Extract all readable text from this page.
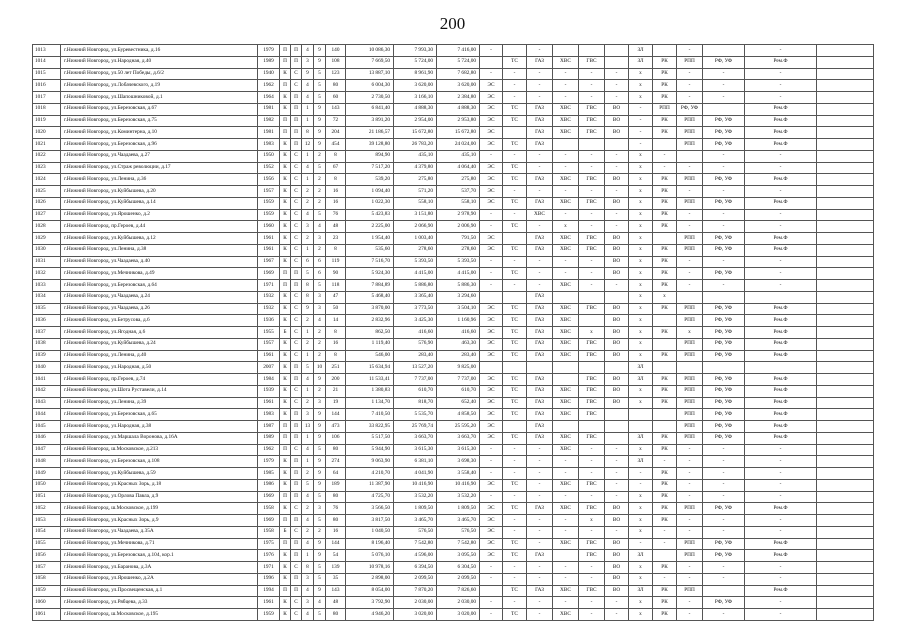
200
1013	г.Нижний Новгород, ул.Буревестника, д.16	1979	П	П	4	9	140	10 086,30	7 993,30	7 416,00	-		-				ЗЛ		-		-	
1014	г.Нижний Новгород, ул.Народная, д.40	1989	П	П	3	9	108	7 669,50	5 724,00	5 724,00		ТС	ГАЗ	ХВС	ГВС		ЗЛ	РК	РПП	РФ, УФ	Рем.Ф	
1015	г.Нижний Новгород, ул.50 лет Победы, д.6/2	1940	К	С	9	5	123	13 887,10	8 961,90	7 682,80	-	-	-	-	-	-	х	РК	-	-	-	
1016	г.Нижний Новгород, ул.Лобачевского, д.19	1962	П	С	4	5	80	6 004,30	3 620,00	3 620,00	ЭС	-	-	-	-	-	х	РК	-	-	-	
1017	г.Нижний Новгород, ул.Шапошниковой, д.1	1964	К	П	4	5	60	2 730,50	3 166,10	2 384,80	ЭС	-	-	-	-	-	х	РК	-	-	-	
1018	г.Нижний Новгород, ул.Березовская, д.67	1981	К	П	1	9	143	6 841,40	4 888,30	4 888,30	ЭС	ТС	ГАЗ	ХВС	ГВС	ВО	-	РПП	РФ, УФ		Рем.Ф	
1019	г.Нижний Новгород, ул.Березовская, д.75	1982	П	П	1	9	72	3 891,20	2 954,00	2 953,80	ЭС	ТС	ГАЗ	ХВС	ГВС	ВО	-	РК	РПП	РФ, УФ	Рем.Ф	
1020	г.Нижний Новгород, ул.Коминтерна, д.10	1981	П	П	8	9	204	21 186,57	15 672,80	15 672,80	ЭС		ГАЗ	ХВС	ГВС	ВО	-	РК	РПП	РФ, УФ	Рем.Ф	
1021	г.Нижний Новгород, ул.Березовская, д.96	1983	К	П	12	9	454	39 128,80	26 783,20	24 024,00	ЭС	ТС	ГАЗ				-		РПП	РФ, УФ	Рем.Ф	
1022	г.Нижний Новгород, ул.Чаадаева, д.27	1950	К	С	1	2	8	894,90	435,10	435,10	-	-	-	-	-	-	х	-		-	-	
1023	г.Нижний Новгород, ул.Страж революции, д.17	1952	К	С	4	5	67	7 517,20	4 379,80	4 064,40	ЭС	ТС	-	-	-	-	х	-	-	-	-	
1024	г.Нижний Новгород, ул.Ленина, д.36	1956	К	С	1	2	8	539,20	275,80	275,80	ЭС	ТС	ГАЗ	ХВС	ГВС	ВО	х	РК	РПП	РФ, УФ	Рем.Ф	
1025	г.Нижний Новгород, ул.Куйбышева, д.20	1957	К	С	2	2	16	1 094,40	571,20	537,70	ЭС	-	-	-	-	-	х	РК	-	-	-	
1026	г.Нижний Новгород, ул.Куйбышева, д.14	1959	К	С	2	2	16	1 022,30	558,10	558,10	ЭС	ТС	ГАЗ	ХВС	ГВС	ВО	х	РК	РПП	РФ, УФ	Рем.Ф	
1027	г.Нижний Новгород, ул.Ярошенко, д.2	1959	К	С	4	5	76	5 423,83	3 151,80	2 978,90	-	-	ХВС	-	-	-	х	РК	-	-	-	
1028	г.Нижний Новгород, пр.Героев, д.44	1960	К	С	3	4	48	2 225,00	2 066,90	2 006,90	-	ТС	-	х	-	-	х	РК	-	-	-	
1029	г.Нижний Новгород, ул.Куйбышева, д.12	1961	К	С	2	3	23	1 954,40	1 003,40	791,50	ЭС		ГАЗ	ХВС	ГВС	ВО	х		РПП	РФ, УФ	Рем.Ф	
1030	г.Нижний Новгород, ул.Ленина, д.38	1961	К	С	1	2	8	535,60	278,60	278,60	ЭС	ТС	ГАЗ	ХВС	ГВС	ВО	х	РК	РПП	РФ, УФ	Рем.Ф	
1031	г.Нижний Новгород, ул.Чаадаева, д.40	1967	К	С	6	6	119	7 516,70	5 393,50	5 393,50	-	-	-	-	-	ВО	х	РК	-	-	-	
1032	г.Нижний Новгород, ул.Мечникова, д.49	1969	П	П	5	6	90	5 924,30	4 415,00	4 415,00	-	ТС	-	-	-	ВО	х	РК	-	РФ, УФ	-	
1033	г.Нижний Новгород, ул.Березовская, д.64	1971	П	П	8	5	118	7 884,89	5 886,80	5 886,30	-	-	-	ХВС	-	-	х	РК	-	-	-	
1034	г.Нижний Новгород, ул.Чаадаева, д.24	1932	К	С	8	3	47	5 468,40	3 365,40	3 294,60			ГАЗ				х	х				
1035	г.Нижний Новгород, ул.Чаадаева, д.26	1932	К	С	9	3	50	3 870,00	3 773,50	3 504,10	ЭС	ТС	ГАЗ	ХВС	ГВС	ВО	х	РК	РПП	РФ, УФ	Рем.Ф	
1036	г.Нижний Новгород, ул.Бетрусова, д.6	1936	К	С	2	4	14	2 832,96	3 425,30	1 160,96	ЭС	ТС	ГАЗ	ХВС		ВО	х		РПП	РФ, УФ	Рем.Ф	
1037	г.Нижний Новгород, ул.Ягодная, д.6	1955	Б	С	1	2	8	862,50	416,60	416,60	ЭС	ТС	ГАЗ	ХВС	х	ВО	х	РК	х	РФ, УФ	Рем.Ф	
1038	г.Нижний Новгород, ул.Куйбышева, д.24	1957	К	С	2	2	16	1 119,40	576,90	463,30	ЭС	ТС	ГАЗ	ХВС	ГВС	ВО	х		РПП	РФ, УФ	Рем.Ф	
1039	г.Нижний Новгород, ул.Ленина, д.40	1961	К	С	1	2	8	546,00	283,40	283,40	ЭС	ТС	ГАЗ	ХВС	ГВС	ВО	х	РК	РПП	РФ, УФ	Рем.Ф	
1040	г.Нижний Новгород, ул.Народная, д.50	2007	К	П	5	10	251	15 634,94	13 527,20	9 825,00							ЗЛ					
1041	г.Нижний Новгород, пр.Героев, д.74	1984	К	П	4	9	200	11 533,41	7 737,00	7 737,00	ЭС	ТС	ГАЗ		ГВС	ВО	ЗЛ	РК	РПП	РФ, УФ	Рем.Ф	
1042	г.Нижний Новгород, ул.Шота Руставели, д.14	1939	К	С	1	2	21	1 380,83	610,70	610,70	ЭС	ТС	ГАЗ	ХВС	ГВС	ВО	х	РК	РПП	РФ, УФ	Рем.Ф	
1043	г.Нижний Новгород, ул.Ленина, д.39	1961	К	С	2	3	19	1 134,70	818,70	652,40	ЭС	ТС	ГАЗ	ХВС	ГВС	ВО	х	РК	РПП	РФ, УФ	Рем.Ф	
1044	г.Нижний Новгород, ул.Березовская, д.65	1983	К	П	3	9	144	7 410,50	5 535,70	4 858,50	ЭС	ТС	ГАЗ	ХВС	ГВС				РПП	РФ, УФ	Рем.Ф	
1045	г.Нижний Новгород, ул.Народная, д.38	1987	П	П	13	9	473	33 822,95	25 769,74	25 595,20	ЭС		ГАЗ						РПП	РФ, УФ	Рем.Ф	
1046	г.Нижний Новгород, ул.Маршала Воронова, д.16А	1989	П	П	1	9	106	5 517,50	3 663,70	3 663,70	ЭС	ТС	ГАЗ	ХВС	ГВС		ЗЛ	РК	РПП	РФ, УФ	Рем.Ф	
1047	г.Нижний Новгород, ш.Московское, д.213	1962	П	С	4	5	80	5 944,90	3 615,30	3 615,30	-	-	-	ХВС	-	-	х	РК	-	-	-	
1048	г.Нижний Новгород, ул.Березовская, д.108	1979	К	П	1	9	274	9 063,90	6 381,10	3 698,30	-	-	-	-	-	-	ЗЛ	-	-	-	-	
1049	г.Нижний Новгород, ул.Куйбышева, д.59	1985	К	П	2	9	64	4 210,70	4 041,90	3 558,40	-	-	-	-	-	-	-	РК	-	-	-	
1050	г.Нижний Новгород, ул.Красных Зорь, д.18	1986	К	П	5	9	189	11 387,90	10 416,90	10 416,90	ЭС	ТС	-	ХВС	ГВС	-	-	РК	-	-	-	
1051	г.Нижний Новгород, ул.Орлова Павла, д.9	1969	П	П	4	5	80	4 725,70	3 532,20	3 532,20	-	-	-	-	-	-	х	РК	-	-	-	
1052	г.Нижний Новгород, ш.Московское, д.199	1958	К	С	2	3	76	3 566,50	1 809,50	1 809,50	ЭС	ТС	ГАЗ	ХВС	ГВС	ВО	х	РК	РПП	РФ, УФ	Рем.Ф	
1053	г.Нижний Новгород, ул.Красных Зорь, д.9	1969	П	П	4	5	80	3 817,50	3 465,70	3 465,70	ЭС	-	-	-	х	ВО	х	РК	-	-	-	
1054	г.Нижний Новгород, ул.Чаадаева, д.35А	1958	Б	С	2	2	16	1 040,50	576,50	576,50	ЭС	-	-	-	-	-	х	-	-	-	-	
1055	г.Нижний Новгород, ул.Мечникова, д.71	1975	П	П	4	9	144	8 196,40	7 542,80	7 542,80	ЭС	ТС	-	ХВС	ГВС	ВО	-	-	РПП	РФ, УФ	Рем.Ф	
1056	г.Нижний Новгород, ул.Березовская, д.104, кор.1	1976	К	П	1	9	54	5 076,10	4 596,00	3 095,50	ЭС	ТС	ГАЗ		ГВС	ВО	ЗЛ		РПП	РФ, УФ	Рем.Ф	
1057	г.Нижний Новгород, ул.Баранова, д.3А	1971	К	С	8	5	139	10 978,16	6 394,50	6 304,50	-	-	-	-	-	ВО	х	РК	-	-	-	
1058	г.Нижний Новгород, ул.Ярошенко, д.2А	1996	К	П	3	5	35	2 898,00	2 099,50	2 099,50	-	-	-	-	-	ВО	х	-	-	-	-	
1059	г.Нижний Новгород, ул.Просвещенская, д.1	1994	П	П	4	9	143	8 054,00	7 870,20	7 826,60		ТС	ГАЗ	ХВС	ГВС	ВО	ЗЛ	РК	РПП		Рем.Ф	
1060	г.Нижний Новгород, ул.Рябцева, д.33	1961	К	С	3	4	48	3 792,90	2 030,00	2 030,00	-	-	-	-	-	-	х	РК	-	РФ, УФ	-	
1061	г.Нижний Новгород, ш.Московское, д.195	1959	К	С	4	5	80	4 946,20	3 020,00	3 020,00	-	ТС	-	ХВС	-	-	х	РК	-	-	-	
